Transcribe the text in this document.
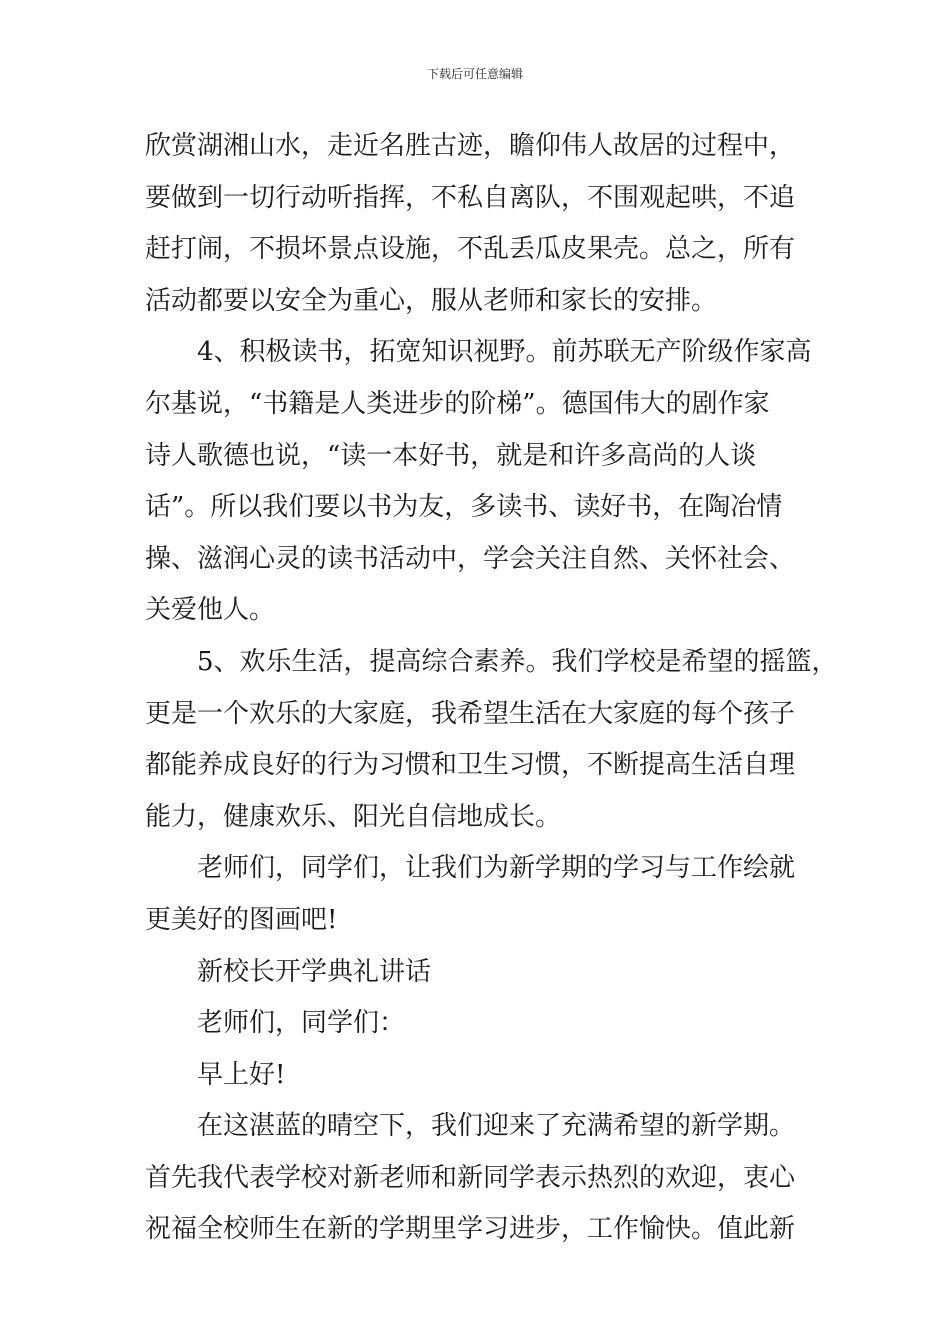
下载后可任意编辑
欣赏湖湘山水，走近名胜古迹，瞻仰伟人故居的过程中，
要做到一切行动听指挥，不私自离队，不围观起哄，不追
赶打闹，不损坏景点设施，不乱丢瓜皮果壳。总之，所有
活动都要以安全为重心，服从老师和家长的安排。
4、积极读书，拓宽知识视野。前苏联无产阶级作家高
尔基说，“书籍是人类进步的阶梯”。德国伟大的剧作家
诗人歌德也说，“读一本好书，就是和许多高尚的人谈
话”。所以我们要以书为友，多读书、读好书，在陶冶情
操、滋润心灵的读书活动中，学会关注自然、关怀社会、
关爱他人。
5、欢乐生活，提高综合素养。我们学校是希望的摇篮，
更是一个欢乐的大家庭，我希望生活在大家庭的每个孩子
都能养成良好的行为习惯和卫生习惯，不断提高生活自理
能力，健康欢乐、阳光自信地成长。
老师们，同学们，让我们为新学期的学习与工作绘就
更美好的图画吧!
新校长开学典礼讲话
老师们，同学们：
早上好!
在这湛蓝的晴空下，我们迎来了充满希望的新学期。
首先我代表学校对新老师和新同学表示热烈的欢迎，衷心
祝福全校师生在新的学期里学习进步，工作愉快。值此新
